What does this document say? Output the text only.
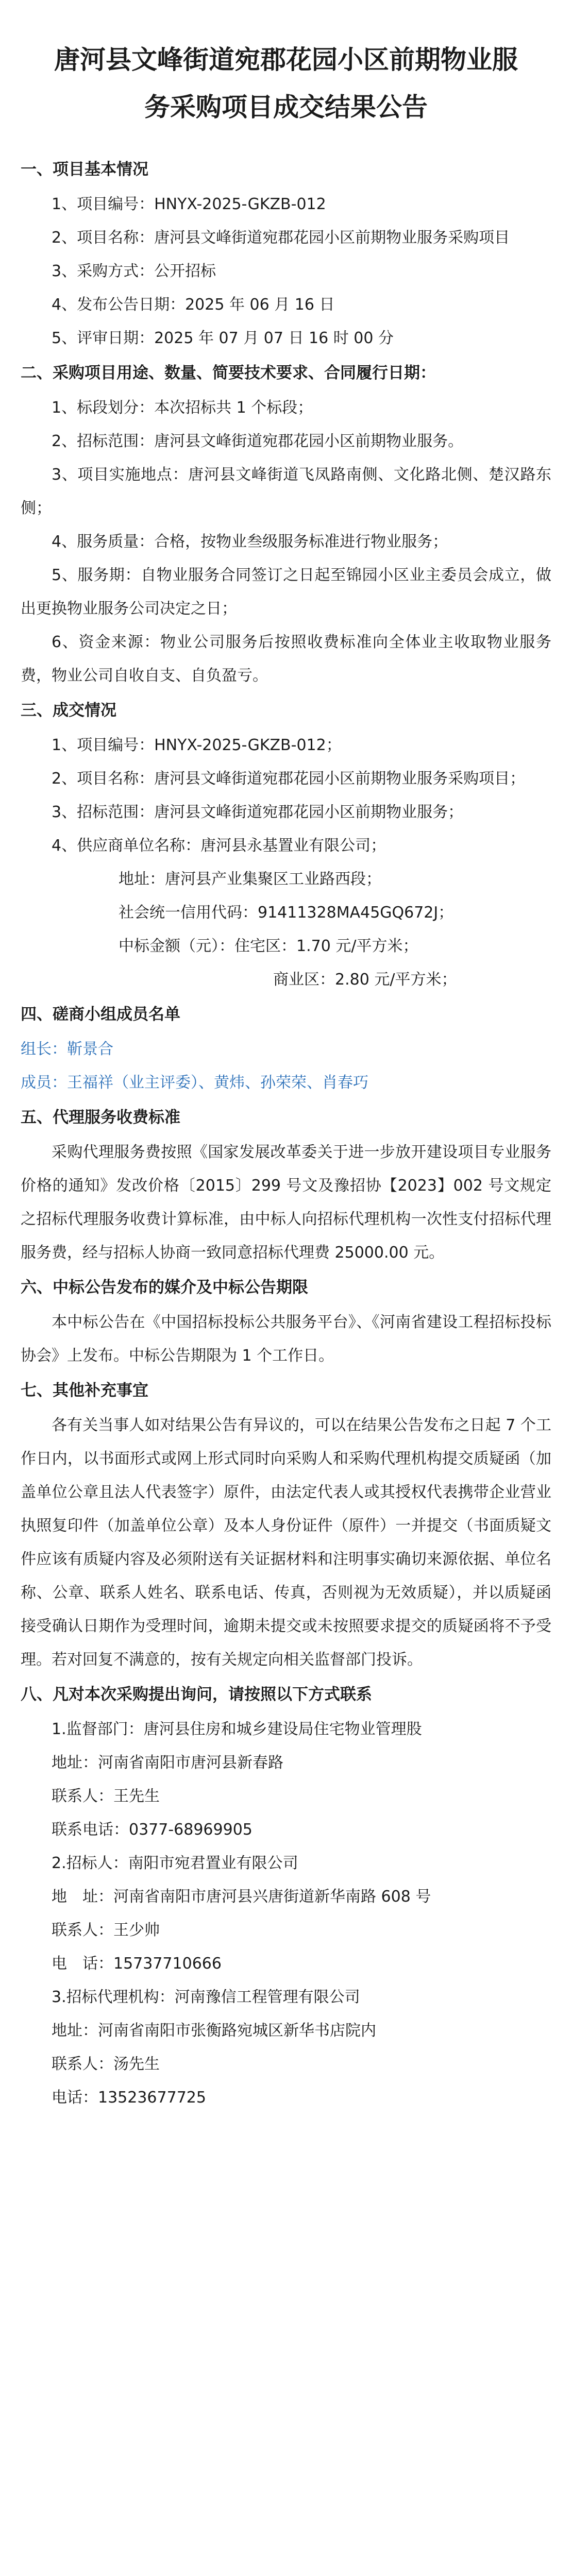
唐河县文峰街道宛郡花园小区前期物业服
务采购项目成交结果公告

一、项目基本情况

1、项目编号：HNYX-2025-GKZB-012

2、项目名称：唐河县文峰街道宛郡花园小区前期物业服务采购项目

3、采购方式：公开招标

4、发布公告日期：2025 年 06 月 16 日

5、评审日期：2025 年 07 月 07 日 16 时 00 分

二、采购项目用途、数量、简要技术要求、合同履行日期：

1、标段划分：本次招标共 1 个标段；

2、招标范围：唐河县文峰街道宛郡花园小区前期物业服务。

3、项目实施地点：唐河县文峰街道飞凤路南侧、文化路北侧、楚汉路东侧；

4、服务质量：合格，按物业叁级服务标准进行物业服务；

5、服务期：自物业服务合同签订之日起至锦园小区业主委员会成立，做出更换物业服务公司决定之日；

6、资金来源：物业公司服务后按照收费标准向全体业主收取物业服务费，物业公司自收自支、自负盈亏。

三、成交情况

1、项目编号：HNYX-2025-GKZB-012；

2、项目名称：唐河县文峰街道宛郡花园小区前期物业服务采购项目；

3、招标范围：唐河县文峰街道宛郡花园小区前期物业服务；

4、供应商单位名称：唐河县永基置业有限公司；

地址：唐河县产业集聚区工业路西段；

社会统一信用代码：91411328MA45GQ672J；

中标金额（元）：住宅区：1.70 元/平方米；

商业区：2.80 元/平方米；

四、磋商小组成员名单

组长：靳景合

成员：王福祥（业主评委）、黄炜、孙荣荣、肖春巧

五、代理服务收费标准

采购代理服务费按照《国家发展改革委关于进一步放开建设项目专业服务价格的通知》发改价格〔2015〕299 号文及豫招协【2023】002 号文规定之招标代理服务收费计算标准，由中标人向招标代理机构一次性支付招标代理服务费，经与招标人协商一致同意招标代理费 25000.00 元。

六、中标公告发布的媒介及中标公告期限

本中标公告在《中国招标投标公共服务平台》、《河南省建设工程招标投标协会》上发布。中标公告期限为 1 个工作日。

七、其他补充事宜

各有关当事人如对结果公告有异议的，可以在结果公告发布之日起 7 个工作日内，以书面形式或网上形式同时向采购人和采购代理机构提交质疑函（加盖单位公章且法人代表签字）原件，由法定代表人或其授权代表携带企业营业执照复印件（加盖单位公章）及本人身份证件（原件）一并提交（书面质疑文件应该有质疑内容及必须附送有关证据材料和注明事实确切来源依据、单位名称、公章、联系人姓名、联系电话、传真，否则视为无效质疑），并以质疑函接受确认日期作为受理时间，逾期未提交或未按照要求提交的质疑函将不予受理。若对回复不满意的，按有关规定向相关监督部门投诉。

八、凡对本次采购提出询问，请按照以下方式联系

1.监督部门：唐河县住房和城乡建设局住宅物业管理股

地址：河南省南阳市唐河县新春路

联系人：王先生

联系电话：0377-68969905

2.招标人：南阳市宛君置业有限公司

地　址：河南省南阳市唐河县兴唐街道新华南路 608 号

联系人：王少帅

电　话：15737710666

3.招标代理机构：河南豫信工程管理有限公司

地址：河南省南阳市张衡路宛城区新华书店院内

联系人：汤先生

电话：13523677725
